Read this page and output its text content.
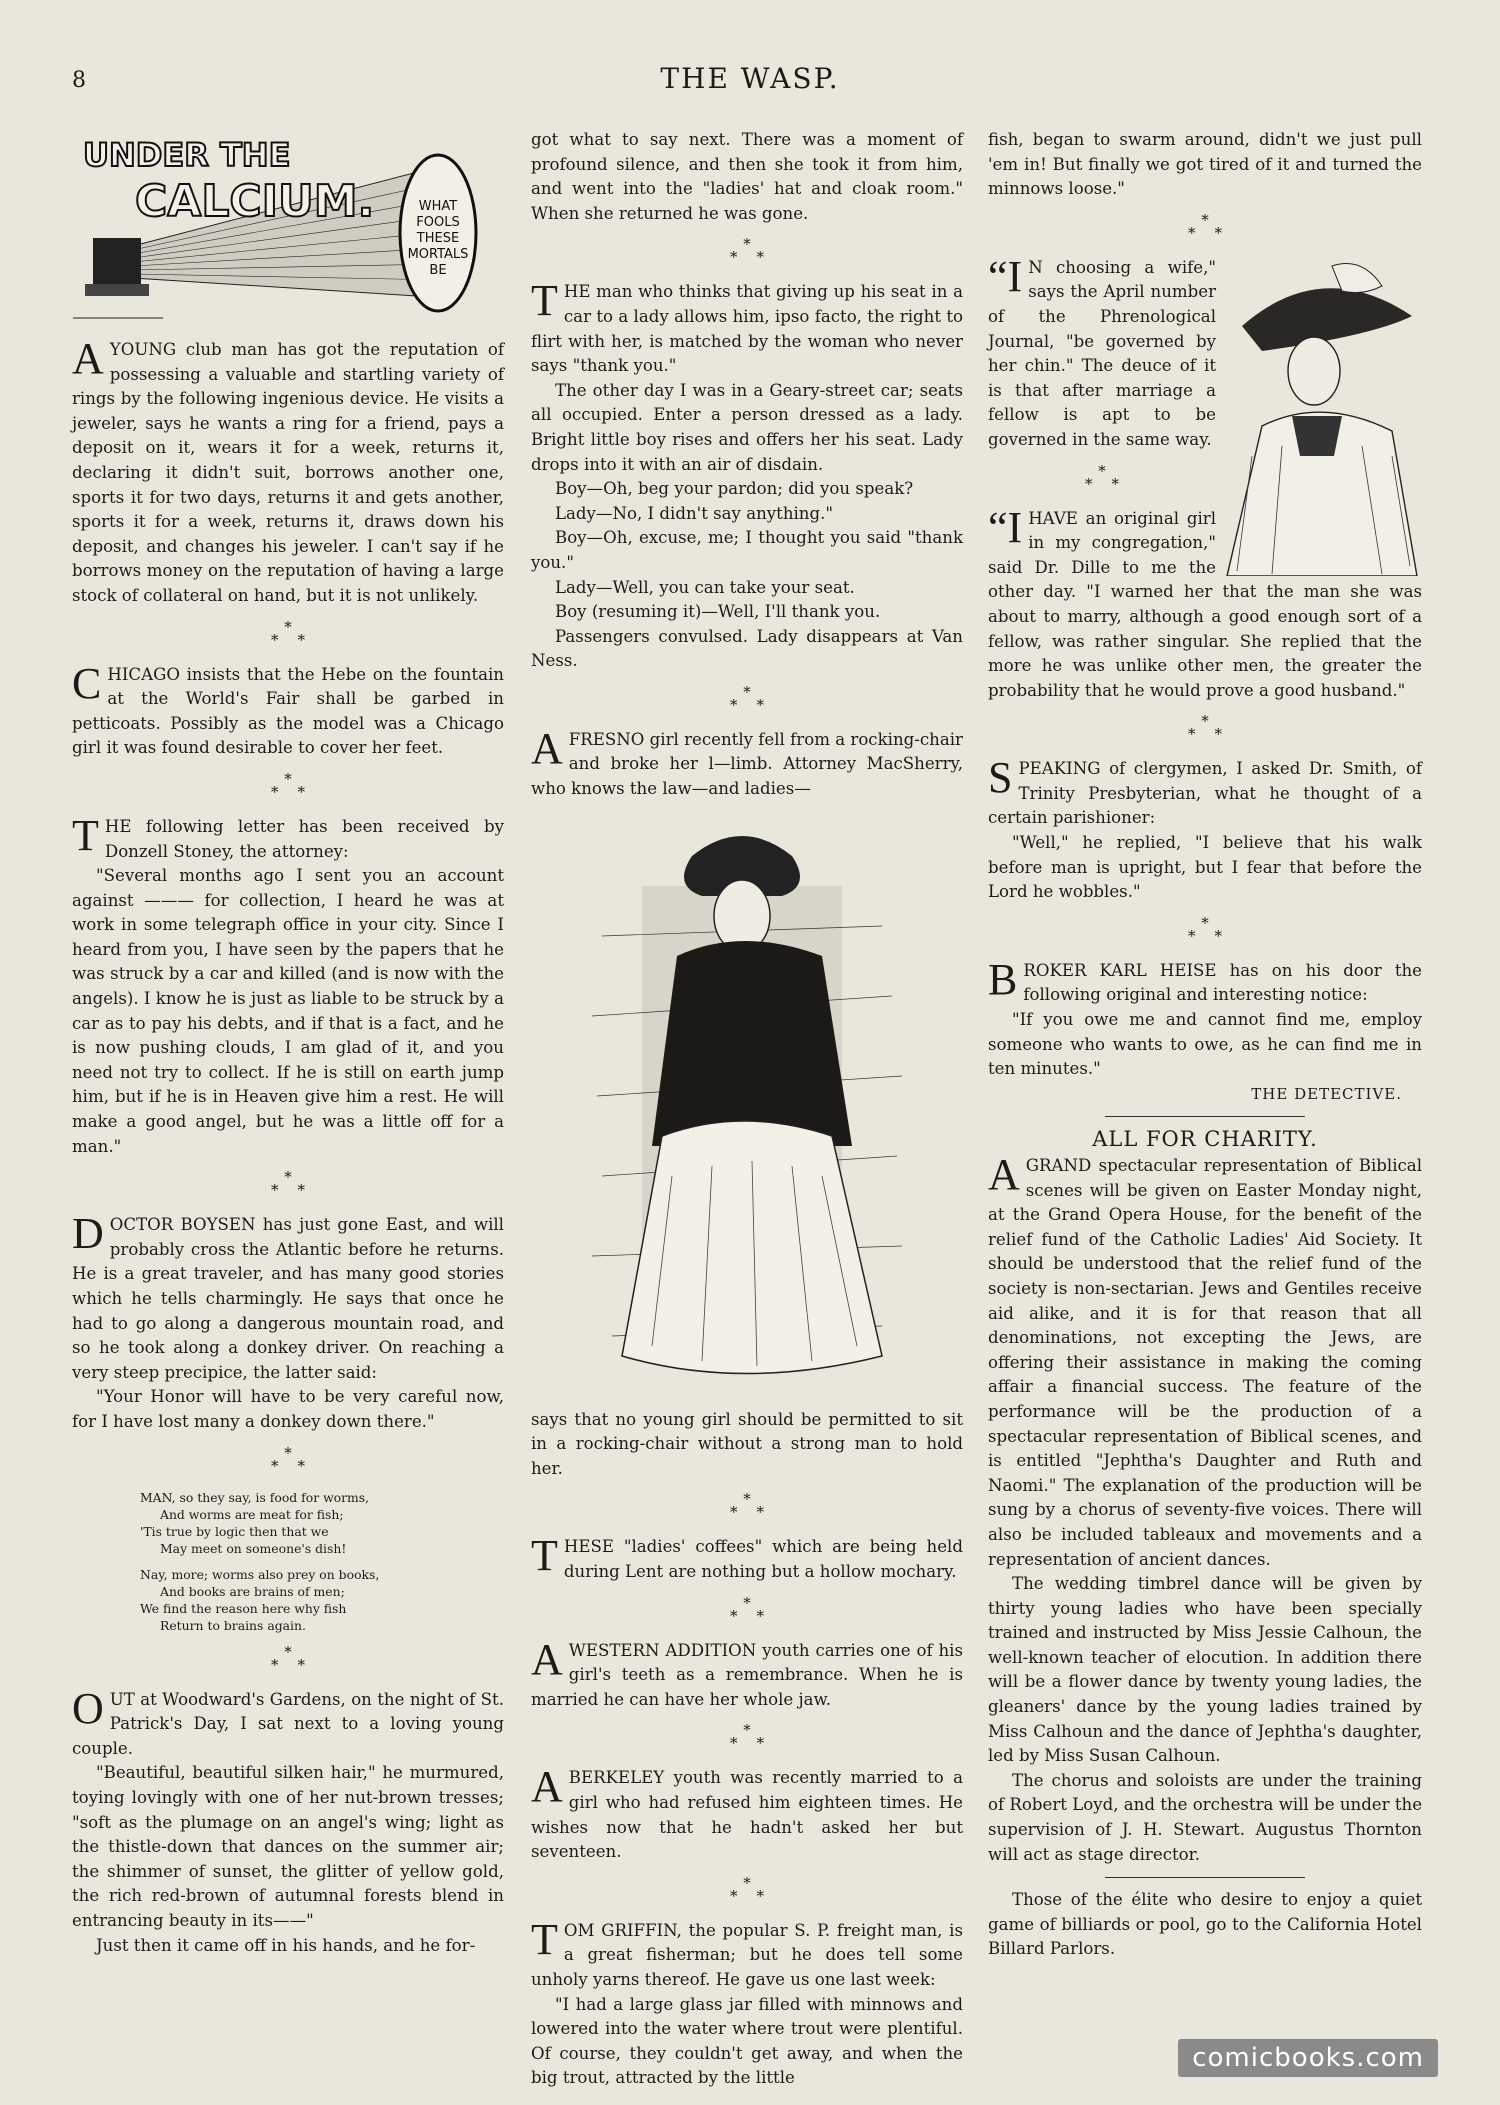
8	THE WASP.
WHAT
FOOLS
THESE
MORTALS
BE
UNDER THE
CALCIUM.

A YOUNG club man has got the reputation of possessing a valuable and startling variety of rings by the following ingenious device. He visits a jeweler, says he wants a ring for a friend, pays a deposit on it, wears it for a week, returns it, declaring it didn't suit, borrows another one, sports it for two days, returns it and gets another, sports it for a week, returns it, draws down his deposit, and changes his jeweler. I can't say if he borrows money on the reputation of having a large stock of collateral on hand, but it is not unlikely.

*
* *

CHICAGO insists that the Hebe on the fountain at the World's Fair shall be garbed in petticoats. Possibly as the model was a Chicago girl it was found desirable to cover her feet.

*
* *

THE following letter has been received by Donzell Stoney, the attorney:

"Several months ago I sent you an account against ——— for collection, I heard he was at work in some telegraph office in your city. Since I heard from you, I have seen by the papers that he was struck by a car and killed (and is now with the angels). I know he is just as liable to be struck by a car as to pay his debts, and if that is a fact, and he is now pushing clouds, I am glad of it, and you need not try to collect. If he is still on earth jump him, but if he is in Heaven give him a rest. He will make a good angel, but he was a little off for a man."

*
* *

DOCTOR BOYSEN has just gone East, and will probably cross the Atlantic before he returns. He is a great traveler, and has many good stories which he tells charmingly. He says that once he had to go along a dangerous mountain road, and so he took along a donkey driver. On reaching a very steep precipice, the latter said:

"Your Honor will have to be very careful now, for I have lost many a donkey down there."

*
* *
MAN, so they say, is food for worms,
And worms are meat for fish;
'Tis true by logic then that we
May meet on someone's dish!
Nay, more; worms also prey on books,
And books are brains of men;
We find the reason here why fish
Return to brains again.
*
* *

OUT at Woodward's Gardens, on the night of St. Patrick's Day, I sat next to a loving young couple.

"Beautiful, beautiful silken hair," he murmured, toying lovingly with one of her nut-brown tresses; "soft as the plumage on an angel's wing; light as the thistle-down that dances on the summer air; the shimmer of sunset, the glitter of yellow gold, the rich red-brown of autumnal forests blend in entrancing beauty in its——"

Just then it came off in his hands, and he for-

got what to say next. There was a moment of profound silence, and then she took it from him, and went into the "ladies' hat and cloak room." When she returned he was gone.

*
* *

THE man who thinks that giving up his seat in a car to a lady allows him, ipso facto, the right to flirt with her, is matched by the woman who never says "thank you."

The other day I was in a Geary-street car; seats all occupied. Enter a person dressed as a lady. Bright little boy rises and offers her his seat. Lady drops into it with an air of disdain.

Boy—Oh, beg your pardon; did you speak?

Lady—No, I didn't say anything."

Boy—Oh, excuse, me; I thought you said "thank you."

Lady—Well, you can take your seat.

Boy (resuming it)—Well, I'll thank you.

Passengers convulsed. Lady disappears at Van Ness.

*
* *

A FRESNO girl recently fell from a rocking-chair and broke her l—limb. Attorney MacSherry, who knows the law—and ladies—

says that no young girl should be permitted to sit in a rocking-chair without a strong man to hold her.

*
* *

THESE "ladies' coffees" which are being held during Lent are nothing but a hollow mochary.

*
* *

A WESTERN ADDITION youth carries one of his girl's teeth as a remembrance. When he is married he can have her whole jaw.

*
* *

A BERKELEY youth was recently married to a girl who had refused him eighteen times. He wishes now that he hadn't asked her but seventeen.

*
* *

TOM GRIFFIN, the popular S. P. freight man, is a great fisherman; but he does tell some unholy yarns thereof. He gave us one last week:

"I had a large glass jar filled with minnows and lowered into the water where trout were plentiful. Of course, they couldn't get away, and when the big trout, attracted by the little

fish, began to swarm around, didn't we just pull 'em in! But finally we got tired of it and turned the minnows loose."

*
* *

“I N choosing a wife," says the April number of the Phrenological Journal, "be governed by her chin." The deuce of it is that after marriage a fellow is apt to be governed in the same way.

*
* *

“I HAVE an original girl in my congregation," said Dr. Dille to me the other day. "I warned her that the man she was about to marry, although a good enough sort of a fellow, was rather singular. She replied that the more he was unlike other men, the greater the probability that he would prove a good husband."

*
* *

SPEAKING of clergymen, I asked Dr. Smith, of Trinity Presbyterian, what he thought of a certain parishioner:

"Well," he replied, "I believe that his walk before man is upright, but I fear that before the Lord he wobbles."

*
* *

BROKER KARL HEISE has on his door the following original and interesting notice:

"If you owe me and cannot find me, employ someone who wants to owe, as he can find me in ten minutes."

THE DETECTIVE.
ALL FOR CHARITY.

A GRAND spectacular representation of Biblical scenes will be given on Easter Monday night, at the Grand Opera House, for the benefit of the relief fund of the Catholic Ladies' Aid Society. It should be understood that the relief fund of the society is non-sectarian. Jews and Gentiles receive aid alike, and it is for that reason that all denominations, not excepting the Jews, are offering their assistance in making the coming affair a financial success. The feature of the performance will be the production of a spectacular representation of Biblical scenes, and is entitled "Jephtha's Daughter and Ruth and Naomi." The explanation of the production will be sung by a chorus of seventy-five voices. There will also be included tableaux and movements and a representation of ancient dances.

The wedding timbrel dance will be given by thirty young ladies who have been specially trained and instructed by Miss Jessie Calhoun, the well-known teacher of elocution. In addition there will be a flower dance by twenty young ladies, the gleaners' dance by the young ladies trained by Miss Calhoun and the dance of Jephtha's daughter, led by Miss Susan Calhoun.

The chorus and soloists are under the training of Robert Loyd, and the orchestra will be under the supervision of J. H. Stewart. Augustus Thornton will act as stage director.

Those of the élite who desire to enjoy a quiet game of billiards or pool, go to the California Hotel Billard Parlors.

comicbooks.com
